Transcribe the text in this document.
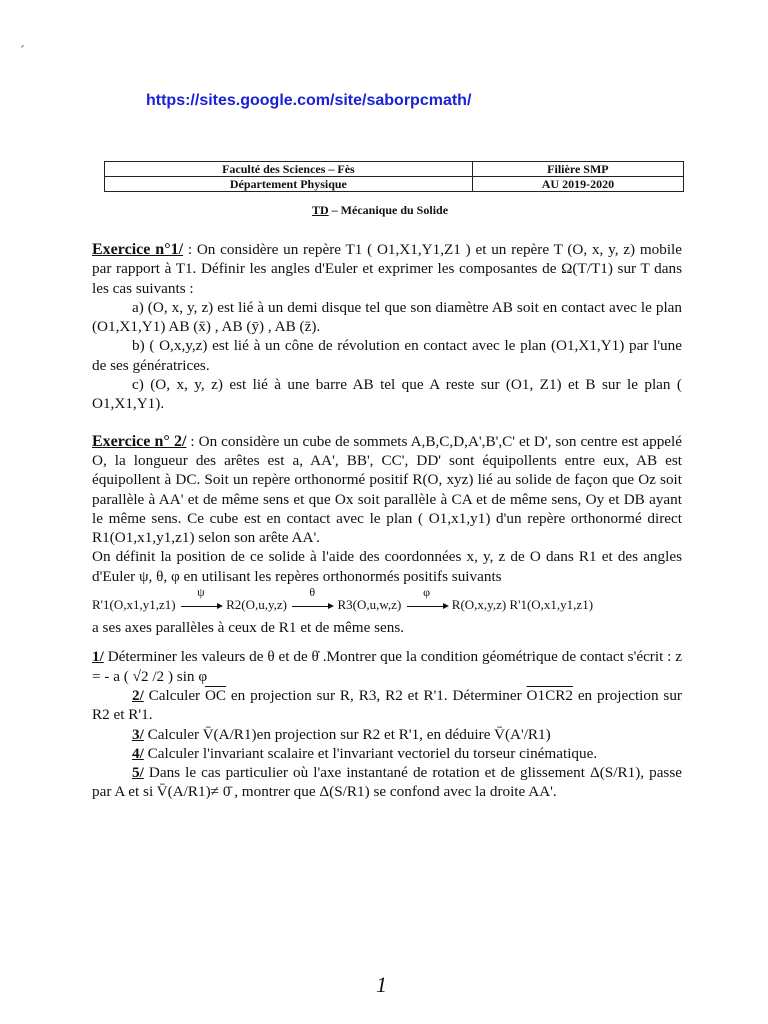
´
https://sites.google.com/site/saborpcmath/
Faculté des Sciences – Fès	Filière SMP
Département Physique	AU 2019-2020
TD – Mécanique du Solide

Exercice n°1/ : On considère un repère T1 ( O1,X1,Y1,Z1 ) et un repère T (O, x, y, z) mobile par rapport à T1. Définir les angles d'Euler et exprimer les composantes de Ω(T/T1) sur T dans les cas suivants :

a) (O, x, y, z) est lié à un demi disque tel que son diamètre AB soit en contact avec le plan (O1,X1,Y1) AB (x̄) , AB (ȳ) , AB (z̄).

b) ( O,x,y,z) est lié à un cône de révolution en contact avec le plan (O1,X1,Y1) par l'une de ses génératrices.

c) (O, x, y, z) est lié à une barre AB tel que A reste sur (O1, Z1) et B sur le plan ( O1,X1,Y1).

Exercice n° 2/ : On considère un cube de sommets A,B,C,D,A',B',C' et D', son centre est appelé O, la longueur des arêtes est a, AA', BB', CC', DD' sont équipollents entre eux, AB est équipollent à DC. Soit un repère orthonormé positif R(O, xyz) lié au solide de façon que Oz soit parallèle à AA' et de même sens et que Ox soit parallèle à CA et de même sens, Oy et DB ayant le même sens. Ce cube est en contact avec le plan ( O1,x1,y1) d'un repère orthonormé direct R1(O1,x1,y1,z1) selon son arête AA'.

On définit la position de ce solide à l'aide des coordonnées x, y, z de O dans R1 et des angles d'Euler ψ, θ, φ en utilisant les repères orthonormés positifs suivants

R'1(O,x1,y1,z1)
ψ
R2(O,u,y,z)
θ
R3(O,u,w,z)
φ
R(O,x,y,z) R'1(O,x1,y1,z1)

a ses axes parallèles à ceux de R1 et de même sens.

1/ Déterminer les valeurs de θ et de θ̇ .Montrer que la condition géométrique de contact s'écrit : z = - a ( √2 /2 ) sin φ

2/ Calculer $\overline{OC}$ en projection sur R, R3, R2 et R'1. Déterminer O1CR2 en projection sur R2 et R'1.

3/ Calculer V̄(A/R1)en projection sur R2 et R'1, en déduire V̄(A'/R1)

4/ Calculer l'invariant scalaire et l'invariant vectoriel du torseur cinématique.

5/ Dans le cas particulier où l'axe instantané de rotation et de glissement Δ(S/R1), passe par A et si V̄(A/R1)≠ 0̄ , montrer que Δ(S/R1) se confond avec la droite AA'.

1
